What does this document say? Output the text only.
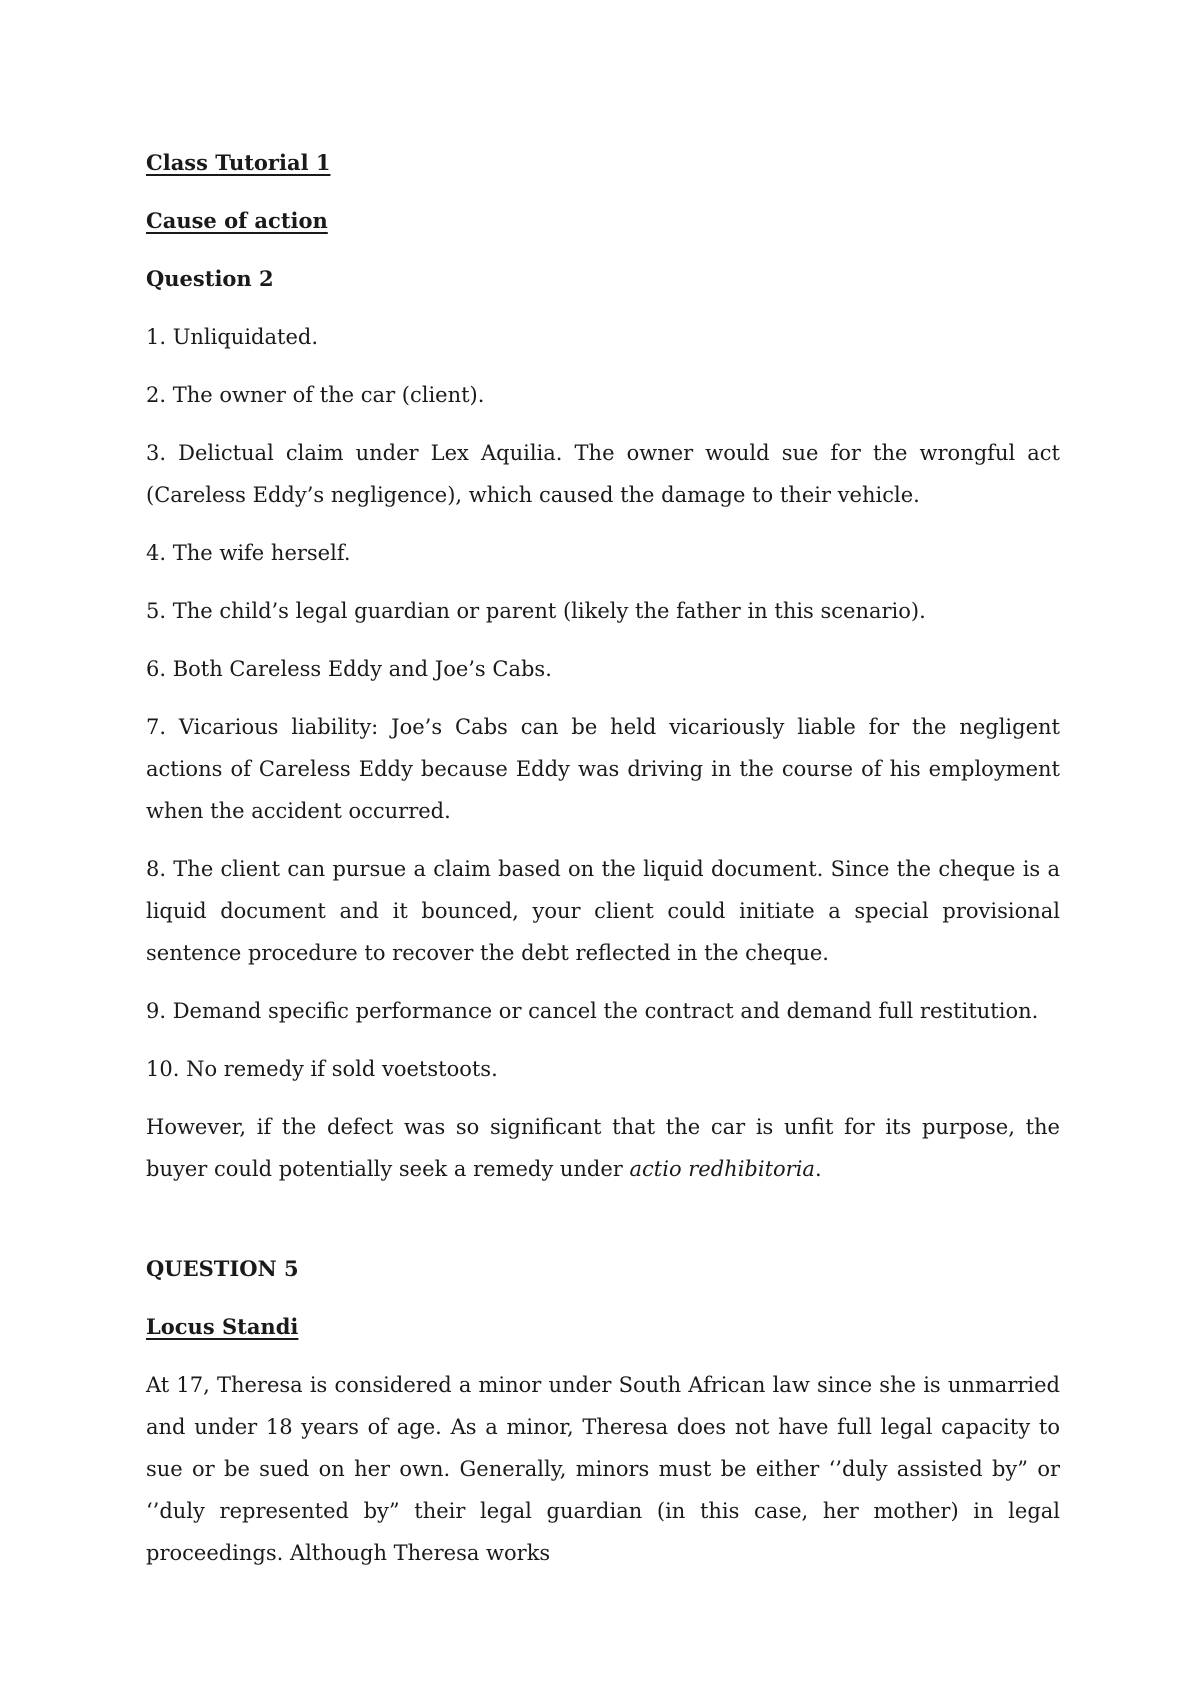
Class Tutorial 1

Cause of action

Question 2

1. Unliquidated.

2. The owner of the car (client).

3. Delictual claim under Lex Aquilia. The owner would sue for the wrongful act (Careless Eddy’s negligence), which caused the damage to their vehicle.

4. The wife herself.

5. The child’s legal guardian or parent (likely the father in this scenario).

6. Both Careless Eddy and Joe’s Cabs.

7. Vicarious liability: Joe’s Cabs can be held vicariously liable for the negligent actions of Careless Eddy because Eddy was driving in the course of his employment when the accident occurred.

8. The client can pursue a claim based on the liquid document. Since the cheque is a liquid document and it bounced, your client could initiate a special provisional sentence procedure to recover the debt reflected in the cheque.

9. Demand specific performance or cancel the contract and demand full restitution.

10. No remedy if sold voetstoots.

However, if the defect was so significant that the car is unfit for its purpose, the buyer could potentially seek a remedy under actio redhibitoria.

QUESTION 5

Locus Standi

At 17, Theresa is considered a minor under South African law since she is unmarried and under 18 years of age. As a minor, Theresa does not have full legal capacity to sue or be sued on her own. Generally, minors must be either ‘’duly assisted by” or ‘’duly represented by” their legal guardian (in this case, her mother) in legal proceedings. Although Theresa works
